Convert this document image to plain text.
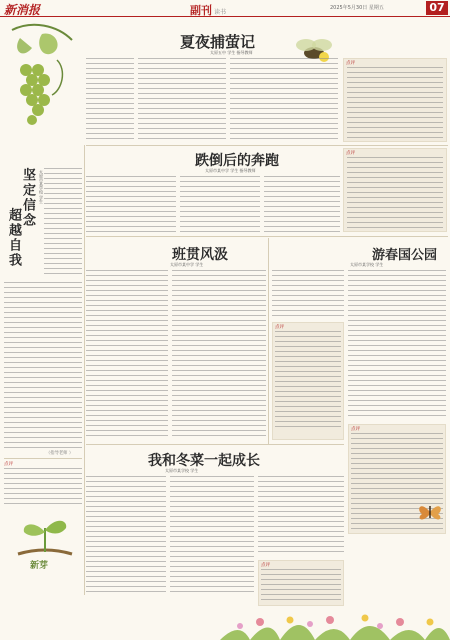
新消报	副刊 读书
2025年5月30日 星期五	07
夏夜捕萤记
太原五中 学生 指导教师
点评
跌倒后的奔跑
太原市某中学 学生 指导教师
点评
坚定信念
超越自我
太原市某学校 学生
（指导老师 ）
点评
新芽
班贯风汲
太原市某中学 学生
点评
游春国公园
太原市某学校 学生
点评
我和冬菜一起成长
太原市某学校 学生
点评
